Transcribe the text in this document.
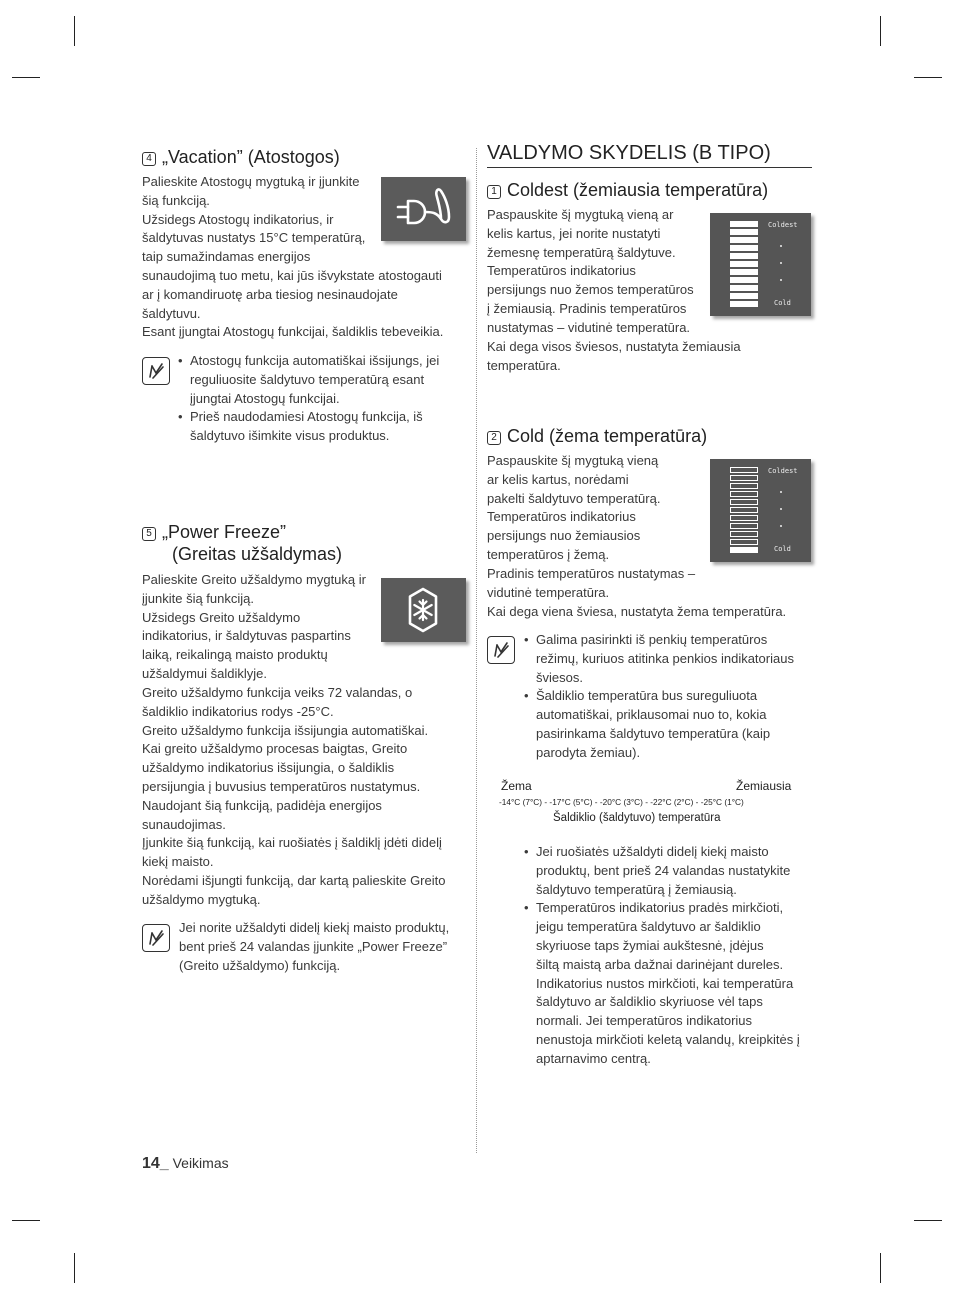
4 „Vacation” (Atostogos)
Palieskite Atostogų mygtuką ir įjunkite
šią funkciją.
Užsidegs Atostogų indikatorius, ir
šaldytuvas nustatys 15°C temperatūrą,
taip sumažindamas energijos
sunaudojimą tuo metu, kai jūs išvykstate atostogauti
ar į komandiruotę arba tiesiog nesinaudojate
šaldytuvu.
Esant įjungtai Atostogų funkcijai, šaldiklis tebeveikia.
• Atostogų funkcija automatiškai išsijungs, jei
reguliuosite šaldytuvo temperatūrą esant
įjungtai Atostogų funkcijai.
• Prieš naudodamiesi Atostogų funkcija, iš
šaldytuvo išimkite visus produktus.
5 „Power Freeze”
(Greitas užšaldymas)
Palieskite Greito užšaldymo mygtuką ir
įjunkite šią funkciją.
Užsidegs Greito užšaldymo
indikatorius, ir šaldytuvas paspartins
laiką, reikalingą maisto produktų
užšaldymui šaldiklyje.
Greito užšaldymo funkcija veiks 72 valandas, o
šaldiklio indikatorius rodys -25°C.
Greito užšaldymo funkcija išsijungia automatiškai.
Kai greito užšaldymo procesas baigtas, Greito
užšaldymo indikatorius išsijungia, o šaldiklis
persijungia į buvusius temperatūros nustatymus.
Naudojant šią funkciją, padidėja energijos
sunaudojimas.
Įjunkite šią funkciją, kai ruošiatės į šaldiklį įdėti didelį
kiekį maisto.
Norėdami išjungti funkciją, dar kartą palieskite Greito
užšaldymo mygtuką.
Jei norite užšaldyti didelį kiekį maisto produktų,
bent prieš 24 valandas įjunkite „Power Freeze”
(Greito užšaldymo) funkciją.
14_ Veikimas
VALDYMO SKYDELIS (B TIPO)
1 Coldest (žemiausia temperatūra)
Paspauskite šį mygtuką vieną ar
kelis kartus, jei norite nustatyti
žemesnę temperatūrą šaldytuve.
Temperatūros indikatorius
persijungs nuo žemos temperatūros
į žemiausią. Pradinis temperatūros
nustatymas – vidutinė temperatūra.
Coldest
Cold
Kai dega visos šviesos, nustatyta žemiausia
temperatūra.
2 Cold (žema temperatūra)
Paspauskite šį mygtuką vieną
ar kelis kartus, norėdami
pakelti šaldytuvo temperatūrą.
Temperatūros indikatorius
persijungs nuo žemiausios
temperatūros į žemą.
Coldest
Cold
Pradinis temperatūros nustatymas –
vidutinė temperatūra.
Kai dega viena šviesa, nustatyta žema temperatūra.
• Galima pasirinkti iš penkių temperatūros
režimų, kuriuos atitinka penkios indikatoriaus
šviesos.
• Šaldiklio temperatūra bus sureguliuota
automatiškai, priklausomai nuo to, kokia
pasirinkama šaldytuvo temperatūra (kaip
parodyta žemiau).
Žema	Žemiausia
-14°C (7°C) - -17°C (5°C) - -20°C (3°C) - -22°C (2°C) - -25°C (1°C)
Šaldiklio (šaldytuvo) temperatūra
• Jei ruošiatės užšaldyti didelį kiekį maisto
produktų, bent prieš 24 valandas nustatykite
šaldytuvo temperatūrą į žemiausią.
• Temperatūros indikatorius pradės mirkčioti,
jeigu temperatūra šaldytuvo ar šaldiklio
skyriuose taps žymiai aukštesnė, įdėjus
šiltą maistą arba dažnai darinėjant dureles.
Indikatorius nustos mirkčioti, kai temperatūra
šaldytuvo ar šaldiklio skyriuose vėl taps
normali. Jei temperatūros indikatorius
nenustoja mirkčioti keletą valandų, kreipkitės į
aptarnavimo centrą.
